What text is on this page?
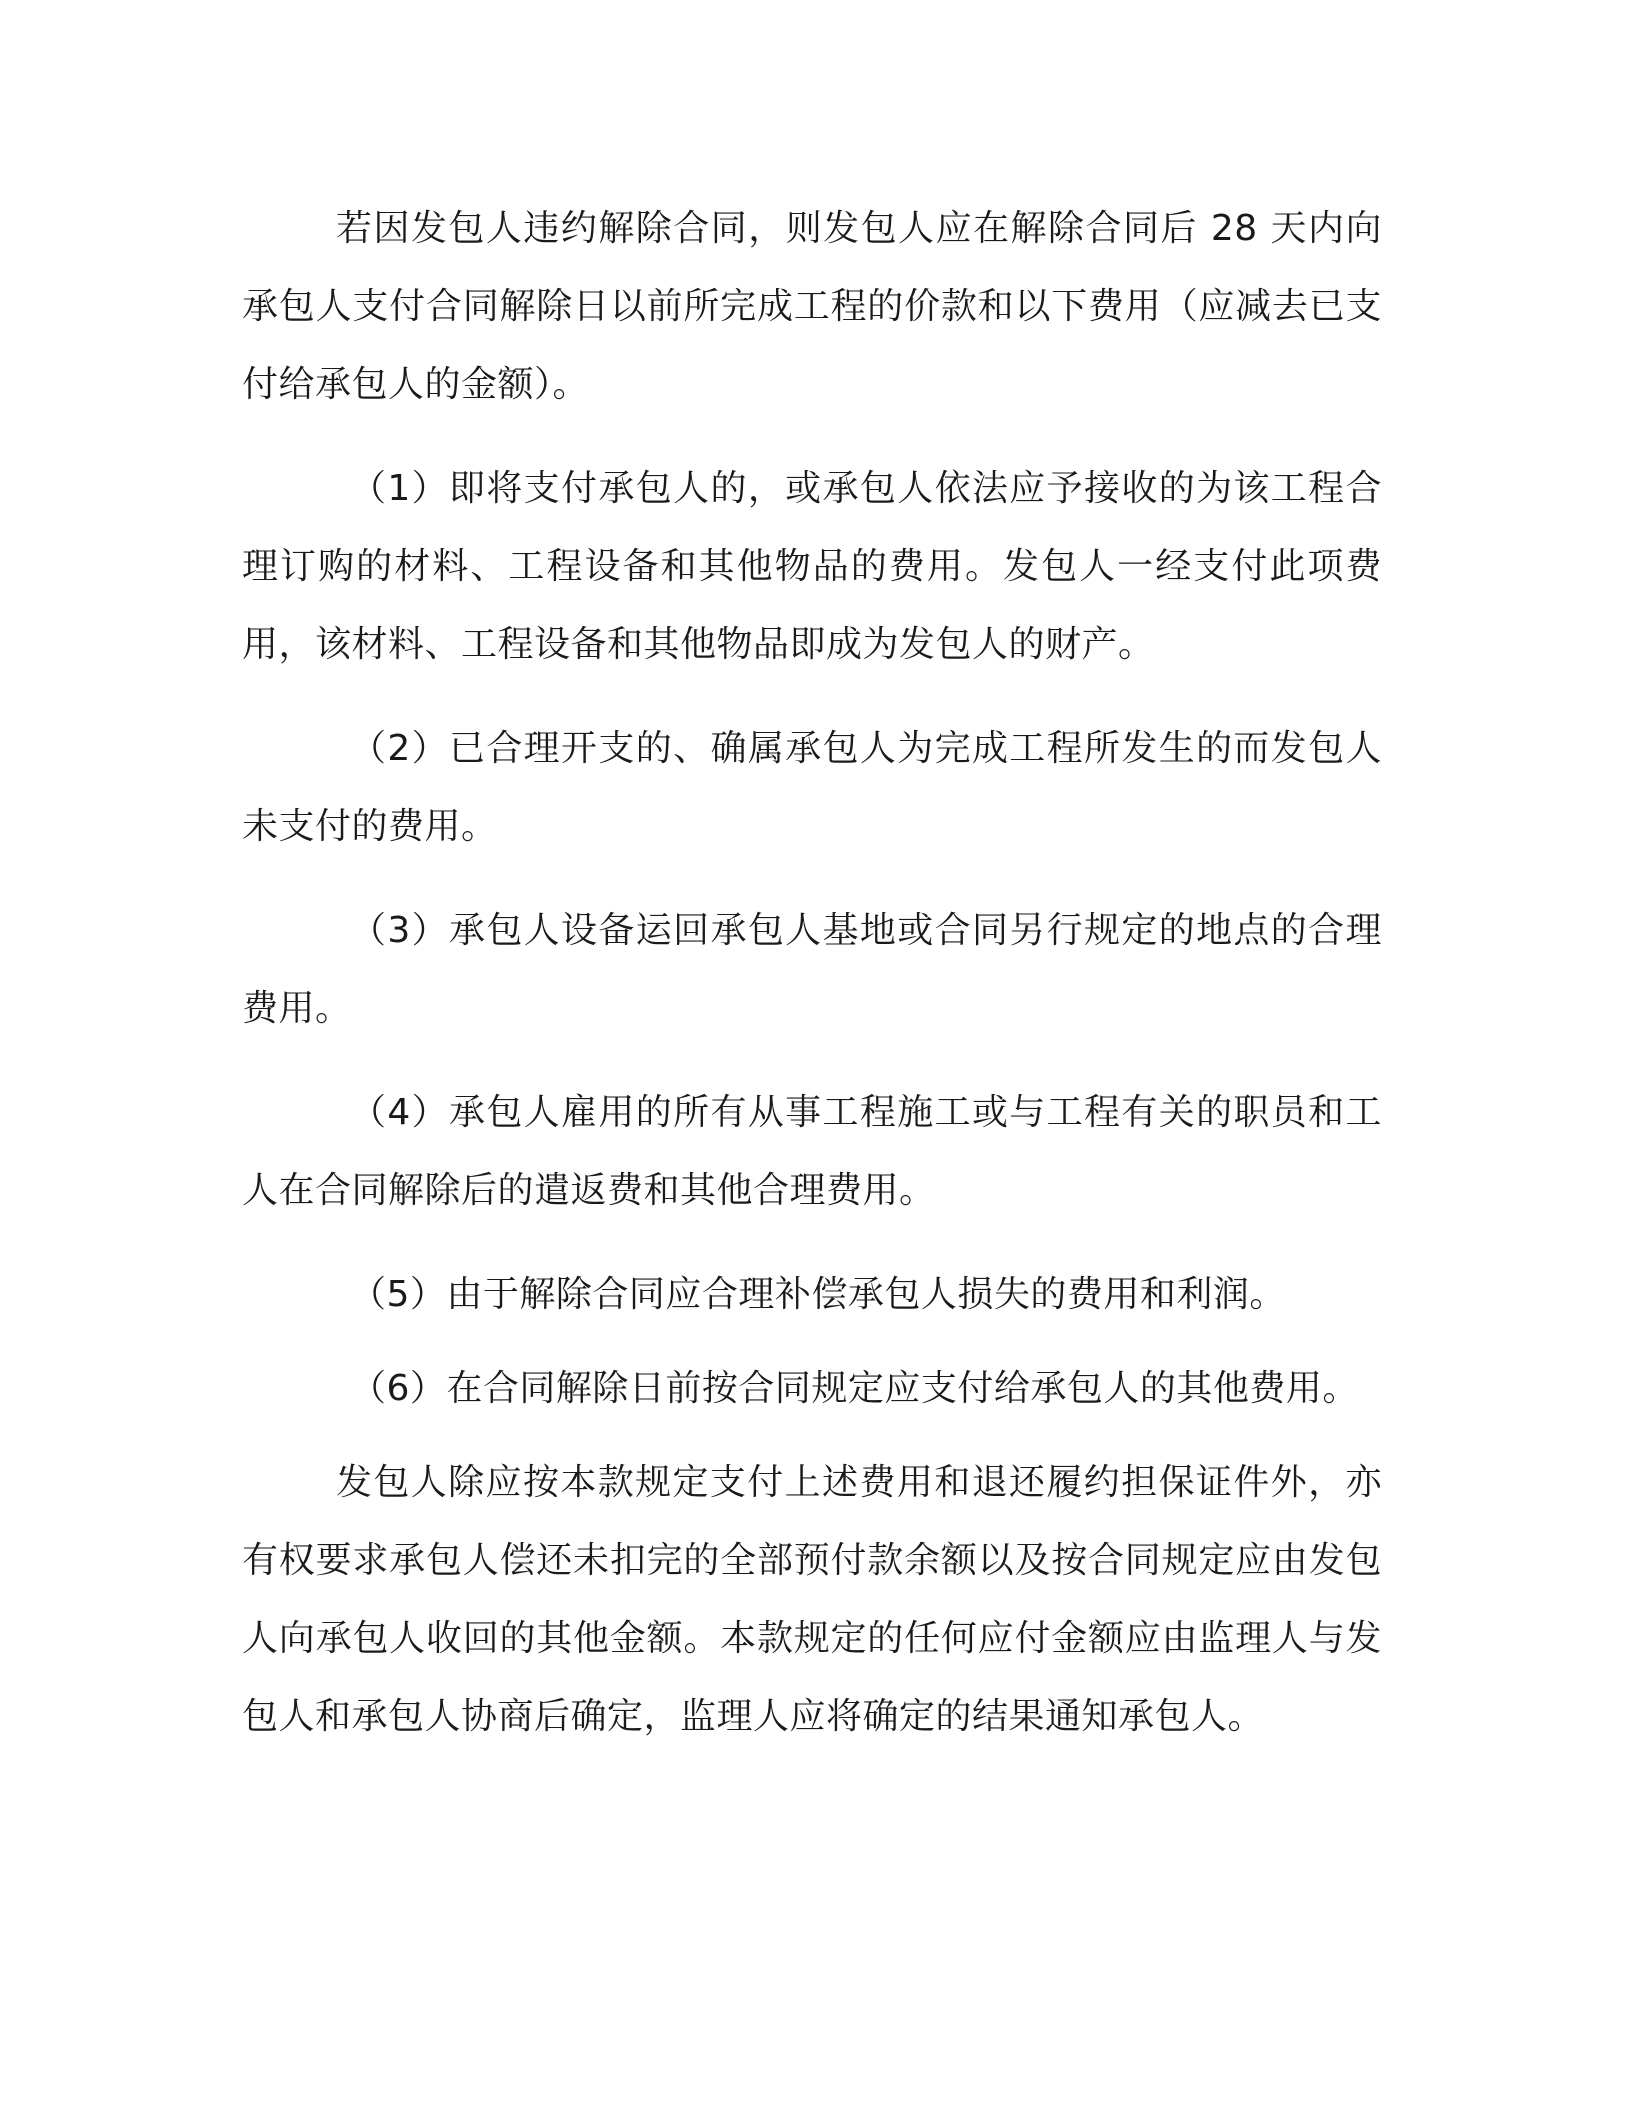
若因发包人违约解除合同，则发包人应在解除合同后 28 天内向承包人支付合同解除日以前所完成工程的价款和以下费用（应减去已支付给承包人的金额）。

（1）即将支付承包人的，或承包人依法应予接收的为该工程合理订购的材料、工程设备和其他物品的费用。发包人一经支付此项费用，该材料、工程设备和其他物品即成为发包人的财产。

（2）已合理开支的、确属承包人为完成工程所发生的而发包人未支付的费用。

（3）承包人设备运回承包人基地或合同另行规定的地点的合理费用。

（4）承包人雇用的所有从事工程施工或与工程有关的职员和工人在合同解除后的遣返费和其他合理费用。

（5）由于解除合同应合理补偿承包人损失的费用和利润。

（6）在合同解除日前按合同规定应支付给承包人的其他费用。

发包人除应按本款规定支付上述费用和退还履约担保证件外，亦有权要求承包人偿还未扣完的全部预付款余额以及按合同规定应由发包人向承包人收回的其他金额。本款规定的任何应付金额应由监理人与发包人和承包人协商后确定，监理人应将确定的结果通知承包人。
